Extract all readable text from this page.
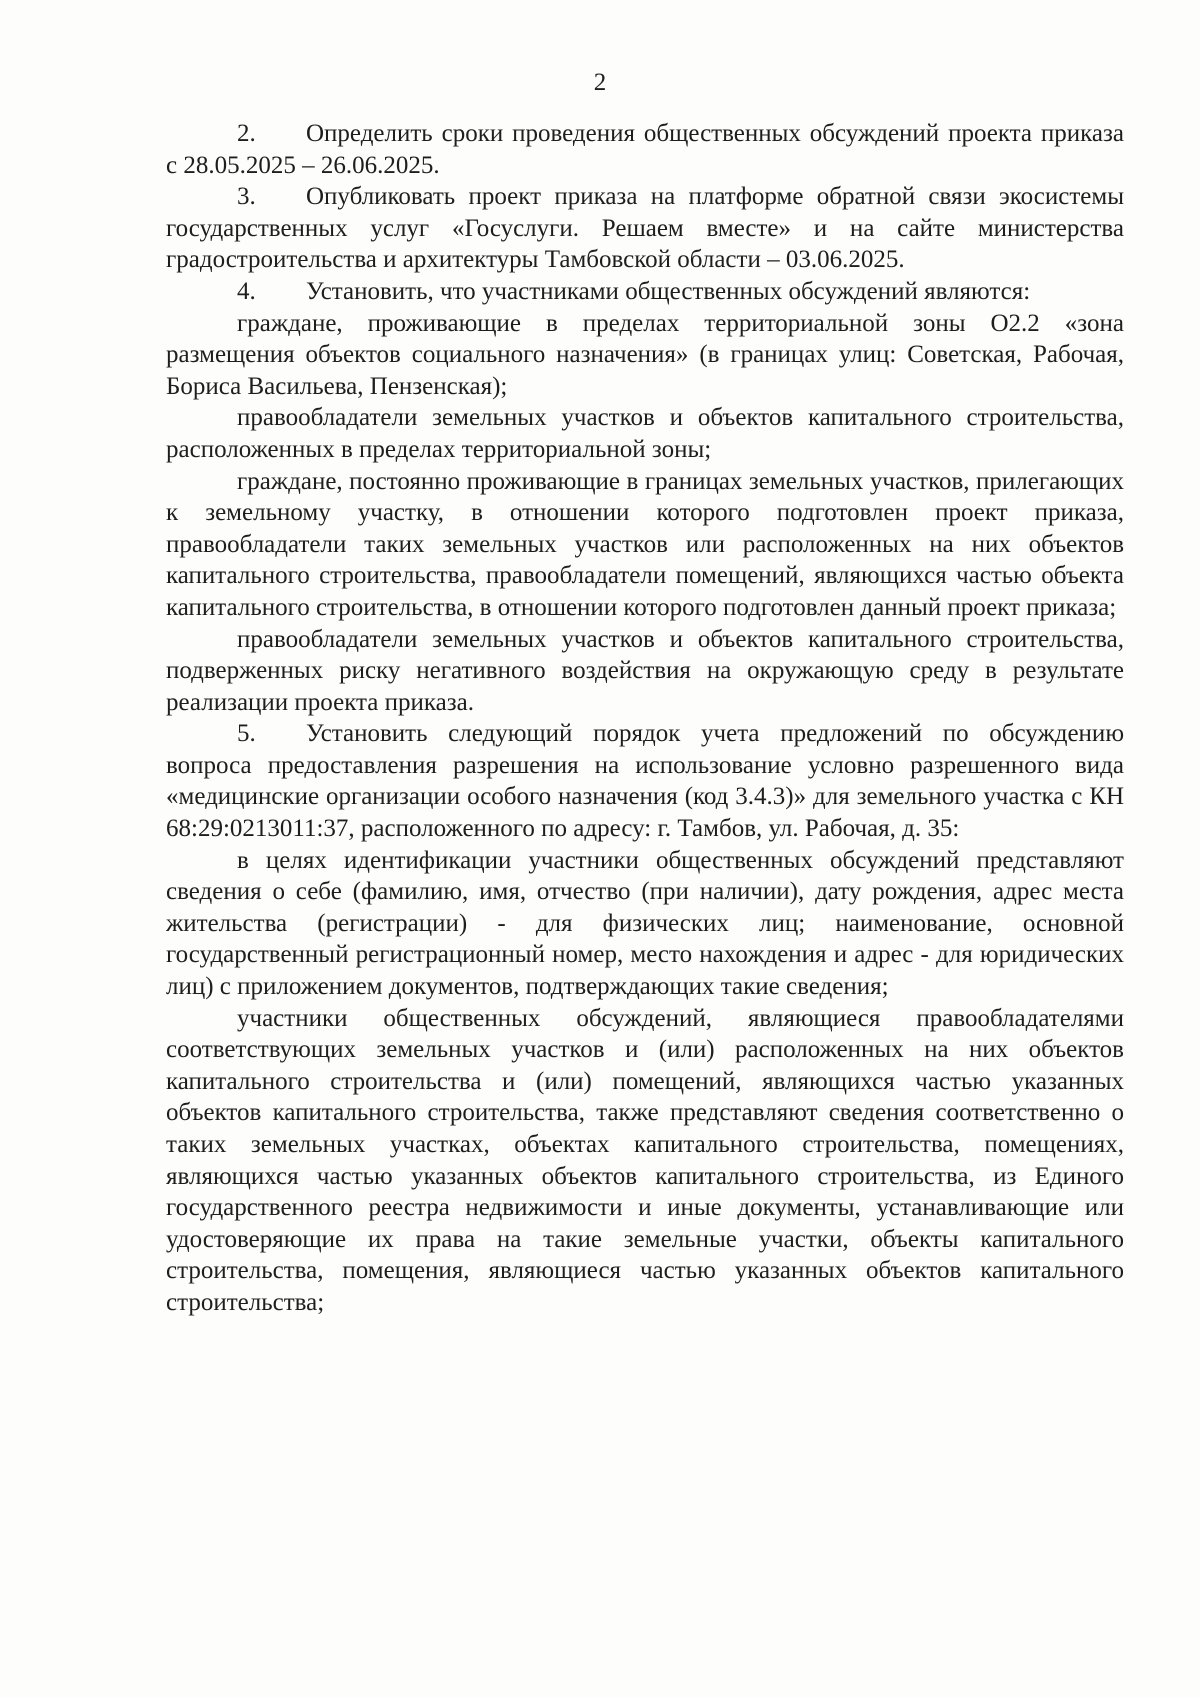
2

2. Определить сроки проведения общественных обсуждений проекта приказа с 28.05.2025 – 26.06.2025.

3. Опубликовать проект приказа на платформе обратной связи экосистемы государственных услуг «Госуслуги. Решаем вместе» и на сайте министерства градостроительства и архитектуры Тамбовской области – 03.06.2025.

4. Установить, что участниками общественных обсуждений являются:

граждане, проживающие в пределах территориальной зоны О2.2 «зона размещения объектов социального назначения» (в границах улиц: Советская, Рабочая, Бориса Васильева, Пензенская);

правообладатели земельных участков и объектов капитального строительства, расположенных в пределах территориальной зоны;

граждане, постоянно проживающие в границах земельных участков, прилегающих к земельному участку, в отношении которого подготовлен проект приказа, правообладатели таких земельных участков или расположенных на них объектов капитального строительства, правообладатели помещений, являющихся частью объекта капитального строительства, в отношении которого подготовлен данный проект приказа;

правообладатели земельных участков и объектов капитального строительства, подверженных риску негативного воздействия на окружающую среду в результате реализации проекта приказа.

5. Установить следующий порядок учета предложений по обсуждению вопроса предоставления разрешения на использование условно разрешенного вида «медицинские организации особого назначения (код 3.4.3)» для земельного участка с КН 68:29:0213011:37, расположенного по адресу: г. Тамбов, ул. Рабочая, д. 35:

в целях идентификации участники общественных обсуждений представляют сведения о себе (фамилию, имя, отчество (при наличии), дату рождения, адрес места жительства (регистрации) - для физических лиц; наименование, основной государственный регистрационный номер, место нахождения и адрес - для юридических лиц) с приложением документов, подтверждающих такие сведения;

участники общественных обсуждений, являющиеся правообладателями соответствующих земельных участков и (или) расположенных на них объектов капитального строительства и (или) помещений, являющихся частью указанных объектов капитального строительства, также представляют сведения соответственно о таких земельных участках, объектах капитального строительства, помещениях, являющихся частью указанных объектов капитального строительства, из Единого государственного реестра недвижимости и иные документы, устанавливающие или удостоверяющие их права на такие земельные участки, объекты капитального строительства, помещения, являющиеся частью указанных объектов капитального строительства;
